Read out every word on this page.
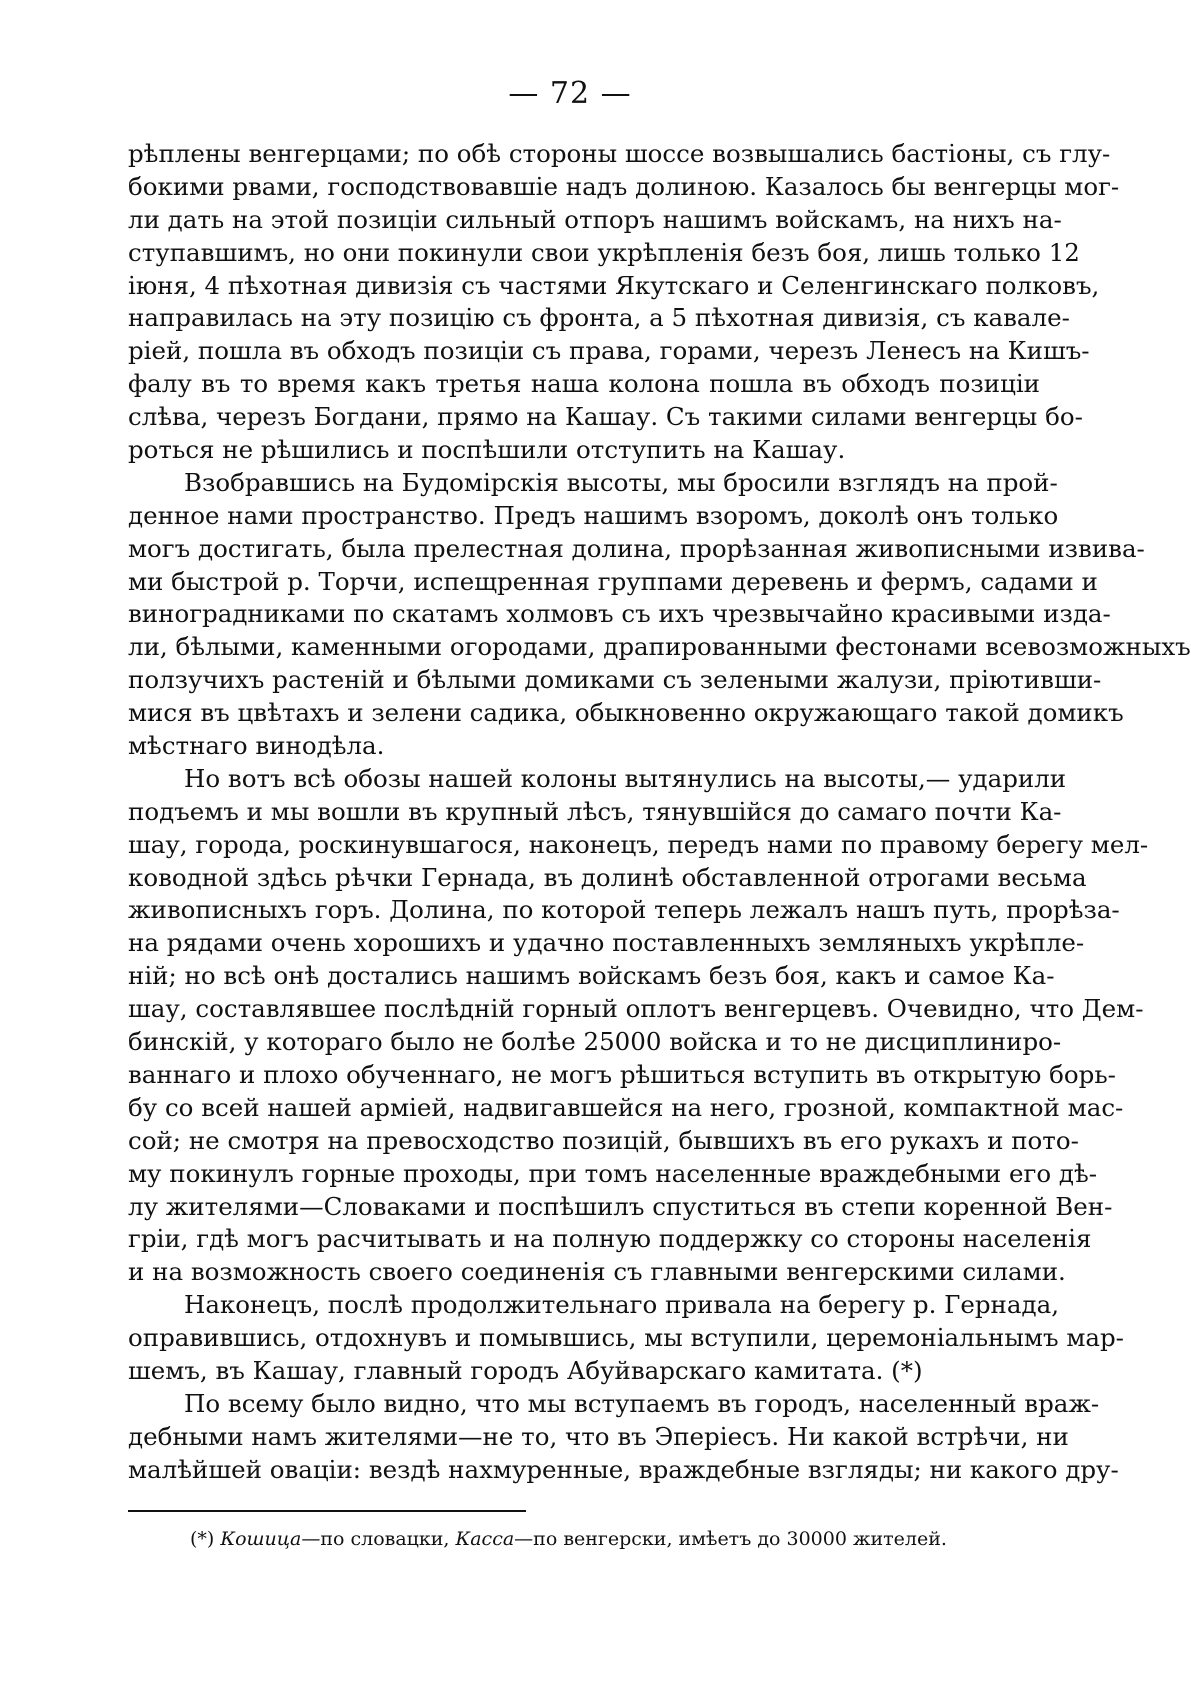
— 72 —
рѣплены венгерцами; по обѣ стороны шоссе возвышались бастіоны, съ глу-
бокими рвами, господствовавшіе надъ долиною. Казалось бы венгерцы мог-
ли дать на этой позиціи сильный отпоръ нашимъ войскамъ, на нихъ на-
ступавшимъ, но они покинули свои укрѣпленія безъ боя, лишь только 12
іюня, 4 пѣхотная дивизія съ частями Якутскаго и Селенгинскаго полковъ,
направилась на эту позицію съ фронта, а 5 пѣхотная дивизія, съ кавале-
ріей, пошла въ обходъ позиціи съ права, горами, черезъ Ленесъ на Кишъ-
фалу въ то время какъ третья наша колона пошла въ обходъ позиціи
слѣва, черезъ Богдани, прямо на Кашау. Съ такими силами венгерцы бо-
роться не рѣшились и поспѣшили отступить на Кашау.
Взобравшись на Будомірскія высоты, мы бросили взглядъ на прой-
денное нами пространство. Предъ нашимъ взоромъ, доколѣ онъ только
могъ достигать, была прелестная долина, прорѣзанная живописными извива-
ми быстрой р. Торчи, испещренная группами деревень и фермъ, садами и
виноградниками по скатамъ холмовъ съ ихъ чрезвычайно красивыми изда-
ли, бѣлыми, каменными огородами, драпированными фестонами всевозможныхъ
ползучихъ растеній и бѣлыми домиками съ зелеными жалузи, пріютивши-
мися въ цвѣтахъ и зелени садика, обыкновенно окружающаго такой домикъ
мѣстнаго винодѣла.
Но вотъ всѣ обозы нашей колоны вытянулись на высоты,— ударили
подъемъ и мы вошли въ крупный лѣсъ, тянувшійся до самаго почти Ка-
шау, города, роскинувшагося, наконецъ, передъ нами по правому берегу мел-
ководной здѣсь рѣчки Гернада, въ долинѣ обставленной отрогами весьма
живописныхъ горъ. Долина, по которой теперь лежалъ нашъ путь, прорѣза-
на рядами очень хорошихъ и удачно поставленныхъ земляныхъ укрѣпле-
ній; но всѣ онѣ достались нашимъ войскамъ безъ боя, какъ и самое Ка-
шау, составлявшее послѣдній горный оплотъ венгерцевъ. Очевидно, что Дем-
бинскій, у котораго было не болѣе 25000 войска и то не дисциплиниро-
ваннаго и плохо обученнаго, не могъ рѣшиться вступить въ открытую борь-
бу со всей нашей арміей, надвигавшейся на него, грозной, компактной мас-
сой; не смотря на превосходство позицій, бывшихъ въ его рукахъ и пото-
му покинулъ горные проходы, при томъ населенные враждебными его дѣ-
лу жителями—Словаками и поспѣшилъ спуститься въ степи коренной Вен-
гріи, гдѣ могъ расчитывать и на полную поддержку со стороны населенія
и на возможность своего соединенія съ главными венгерскими силами.
Наконецъ, послѣ продолжительнаго привала на берегу р. Гернада,
оправившись, отдохнувъ и помывшись, мы вступили, церемоніальнымъ мар-
шемъ, въ Кашау, главный городъ Абуйварскаго камитата. (*)
По всему было видно, что мы вступаемъ въ городъ, населенный враж-
дебными намъ жителями—не то, что въ Эперіесъ. Ни какой встрѣчи, ни
малѣйшей оваціи: вездѣ нахмуренные, враждебные взгляды; ни какого дру-
(*) Кошица—по словацки, Касса—по венгерски, имѣетъ до 30000 жителей.
